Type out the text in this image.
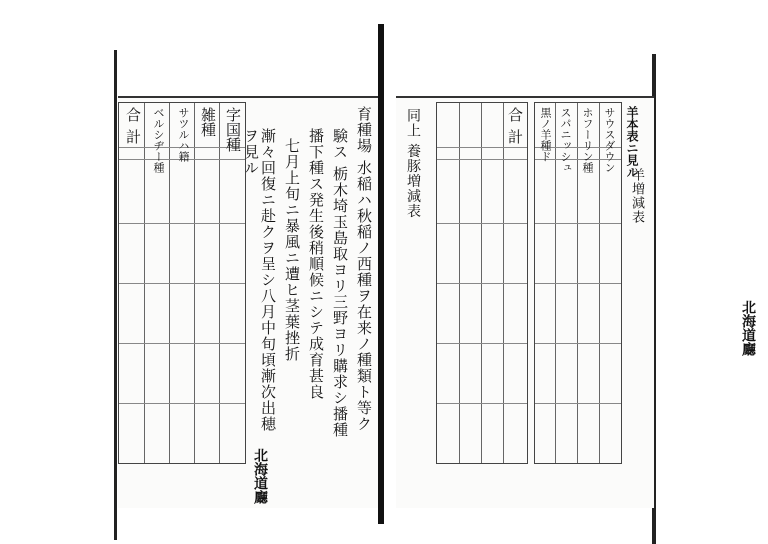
育種場 水稲ハ秋稲ノ西種ヲ在来ノ種類ト等ク
験ス 栃木埼玉島取ヨリ三野ヨリ購求シ播種
播下種ス発生後稍順候ニシテ成育甚良
七月上旬ニ暴風ニ遭ヒ茎葉挫折
漸々回復ニ赴クヲ呈シ八月中旬頃漸次出穂ヲ見ル
北海道廳
字国種
雑種
サツルハ籍
ベルシヂー種
合
計	羊本表ニ見ル
サウスダウン
ホフーリン種
スパニッシュ
黒ノ羊種ド
合
計
同上 養豚増減表	羊増減表
北海道廳
